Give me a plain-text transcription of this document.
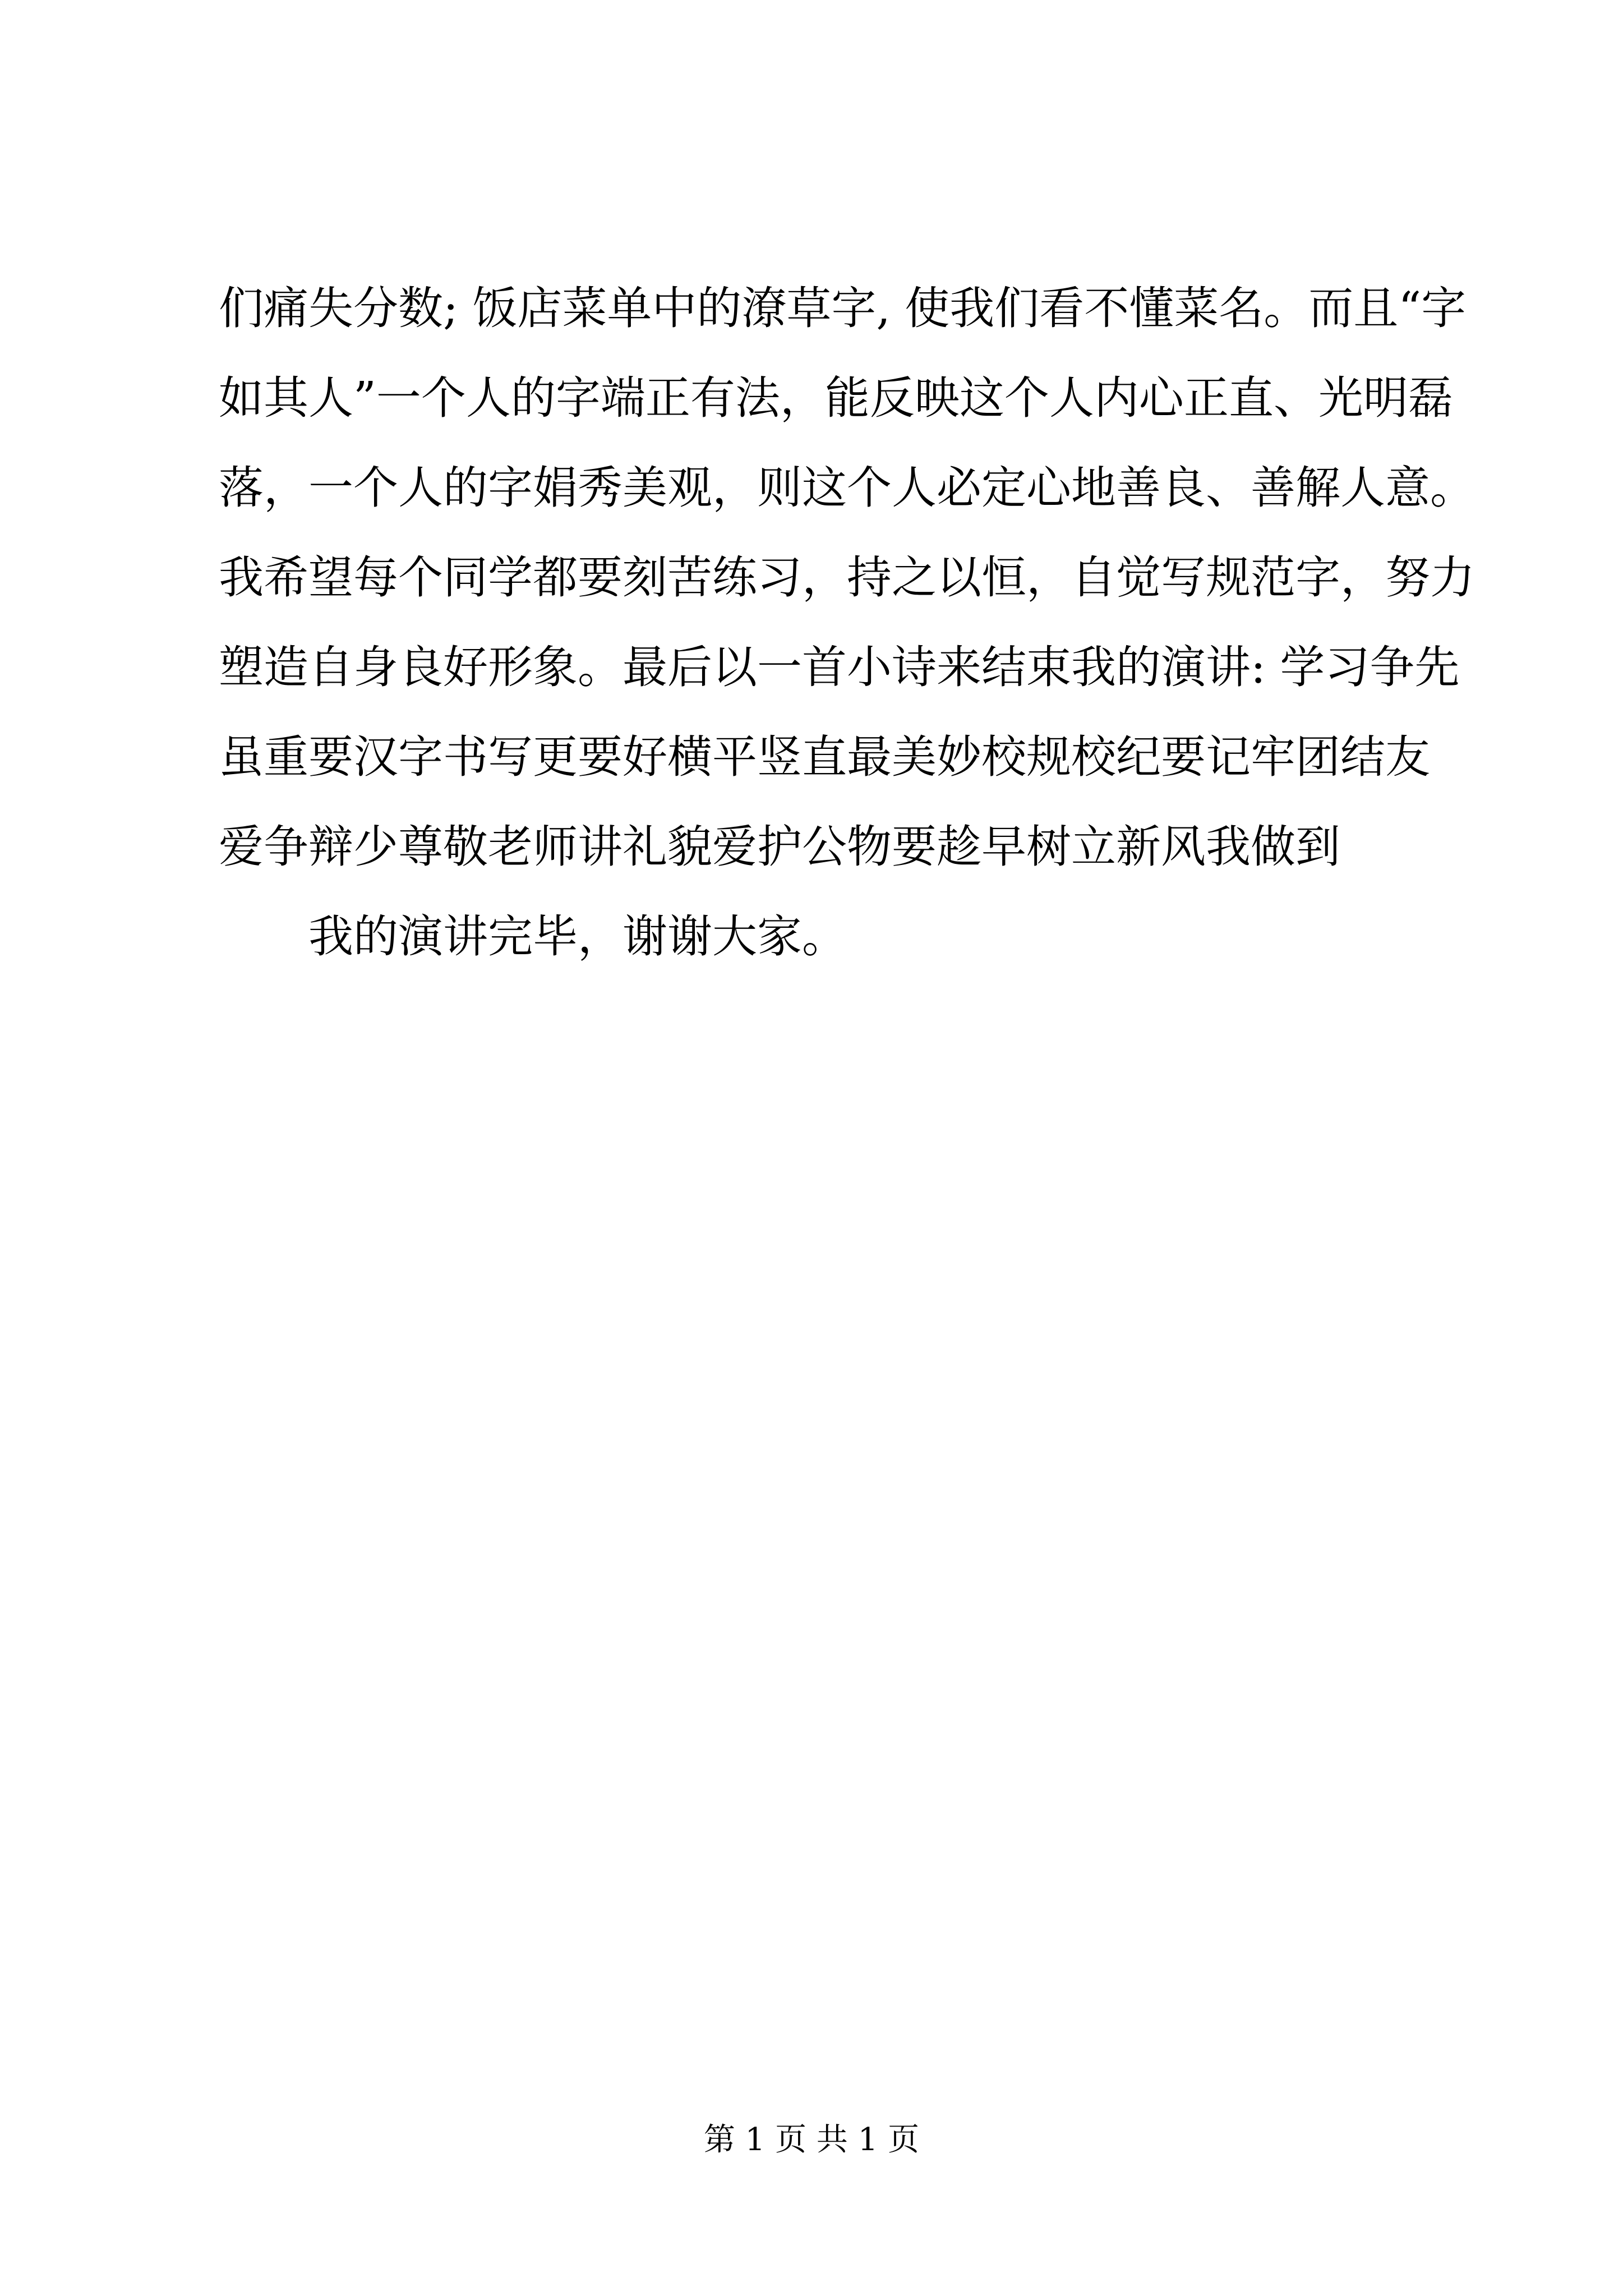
们痛失分数; 饭店菜单中的潦草字, 使我们看不懂菜名。而且“字
如其人”一个人的字端正有法，能反映这个人内心正直、光明磊
落，一个人的字娟秀美观，则这个人必定心地善良、善解人意。
我希望每个同学都要刻苦练习，持之以恒，自觉写规范字，努力
塑造自身良好形象。最后以一首小诗来结束我的演讲: 学习争先
虽重要汉字书写更要好横平竖直最美妙校规校纪要记牢团结友
爱争辩少尊敬老师讲礼貌爱护公物要趁早树立新风我做到
我的演讲完毕，谢谢大家。
第 1 页 共 1 页
